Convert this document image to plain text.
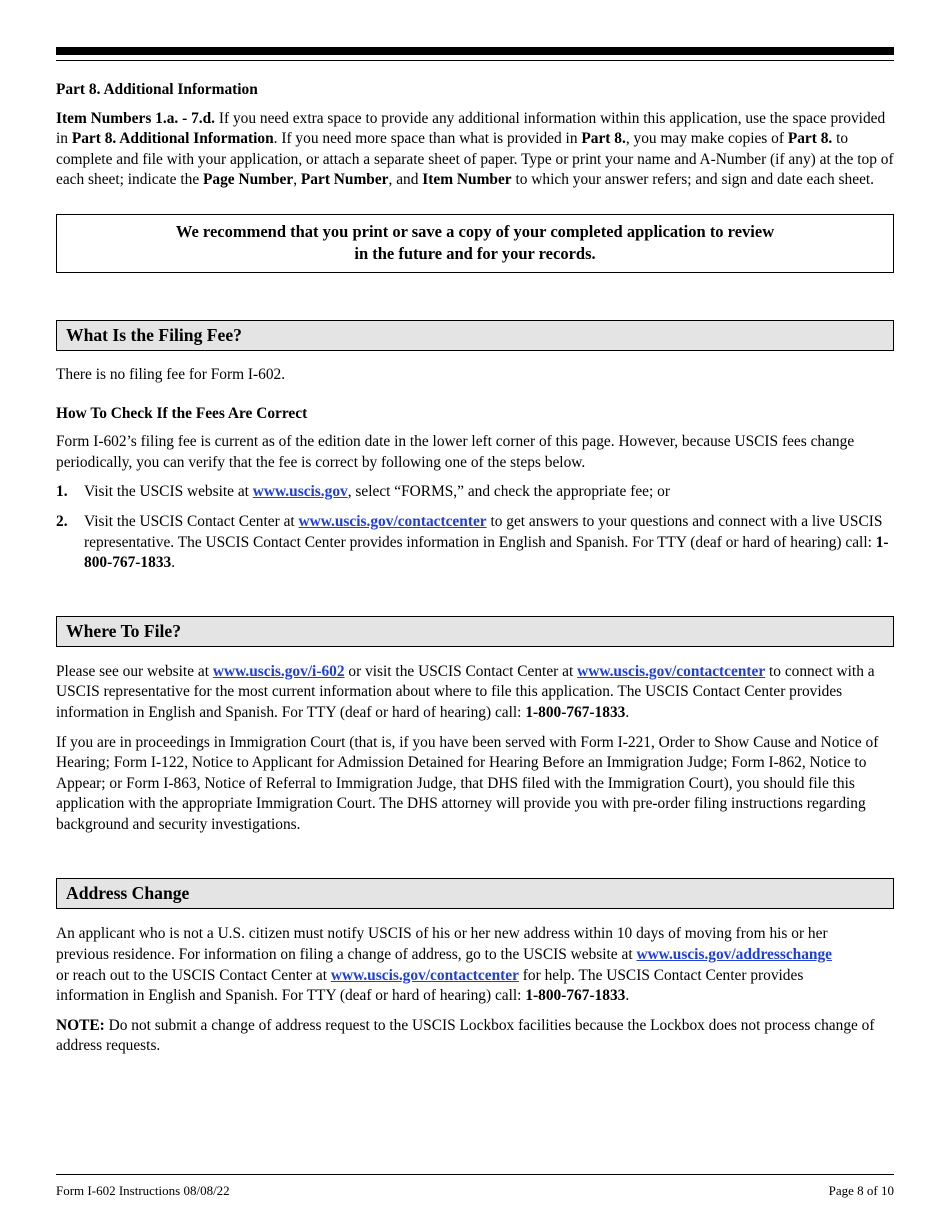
Part 8. Additional Information

Item Numbers 1.a. - 7.d. If you need extra space to provide any additional information within this application, use the space provided in Part 8. Additional Information. If you need more space than what is provided in Part 8., you may make copies of Part 8. to complete and file with your application, or attach a separate sheet of paper. Type or print your name and A-Number (if any) at the top of each sheet; indicate the Page Number, Part Number, and Item Number to which your answer refers; and sign and date each sheet.

We recommend that you print or save a copy of your completed application to review
in the future and for your records.
What Is the Filing Fee?

There is no filing fee for Form I-602.

How To Check If the Fees Are Correct

Form I-602’s filing fee is current as of the edition date in the lower left corner of this page. However, because USCIS fees change periodically, you can verify that the fee is correct by following one of the steps below.

1. Visit the USCIS website at www.uscis.gov, select “FORMS,” and check the appropriate fee; or
2. Visit the USCIS Contact Center at www.uscis.gov/contactcenter to get answers to your questions and connect with a live USCIS representative. The USCIS Contact Center provides information in English and Spanish. For TTY (deaf or hard of hearing) call: 1-800-767-1833.
Where To File?

Please see our website at www.uscis.gov/i-602 or visit the USCIS Contact Center at www.uscis.gov/contactcenter to connect with a USCIS representative for the most current information about where to file this application. The USCIS Contact Center provides information in English and Spanish. For TTY (deaf or hard of hearing) call: 1-800-767-1833.

If you are in proceedings in Immigration Court (that is, if you have been served with Form I-221, Order to Show Cause and Notice of Hearing; Form I-122, Notice to Applicant for Admission Detained for Hearing Before an Immigration Judge; Form I-862, Notice to Appear; or Form I-863, Notice of Referral to Immigration Judge, that DHS filed with the Immigration Court), you should file this application with the appropriate Immigration Court. The DHS attorney will provide you with pre-order filing instructions regarding background and security investigations.

Address Change

An applicant who is not a U.S. citizen must notify USCIS of his or her new address within 10 days of moving from his or her previous residence. For information on filing a change of address, go to the USCIS website at www.uscis.gov/addresschange or reach out to the USCIS Contact Center at www.uscis.gov/contactcenter for help. The USCIS Contact Center provides information in English and Spanish. For TTY (deaf or hard of hearing) call: 1-800-767-1833.

NOTE: Do not submit a change of address request to the USCIS Lockbox facilities because the Lockbox does not process change of address requests.

Form I-602 Instructions 08/08/22	Page 8 of 10
